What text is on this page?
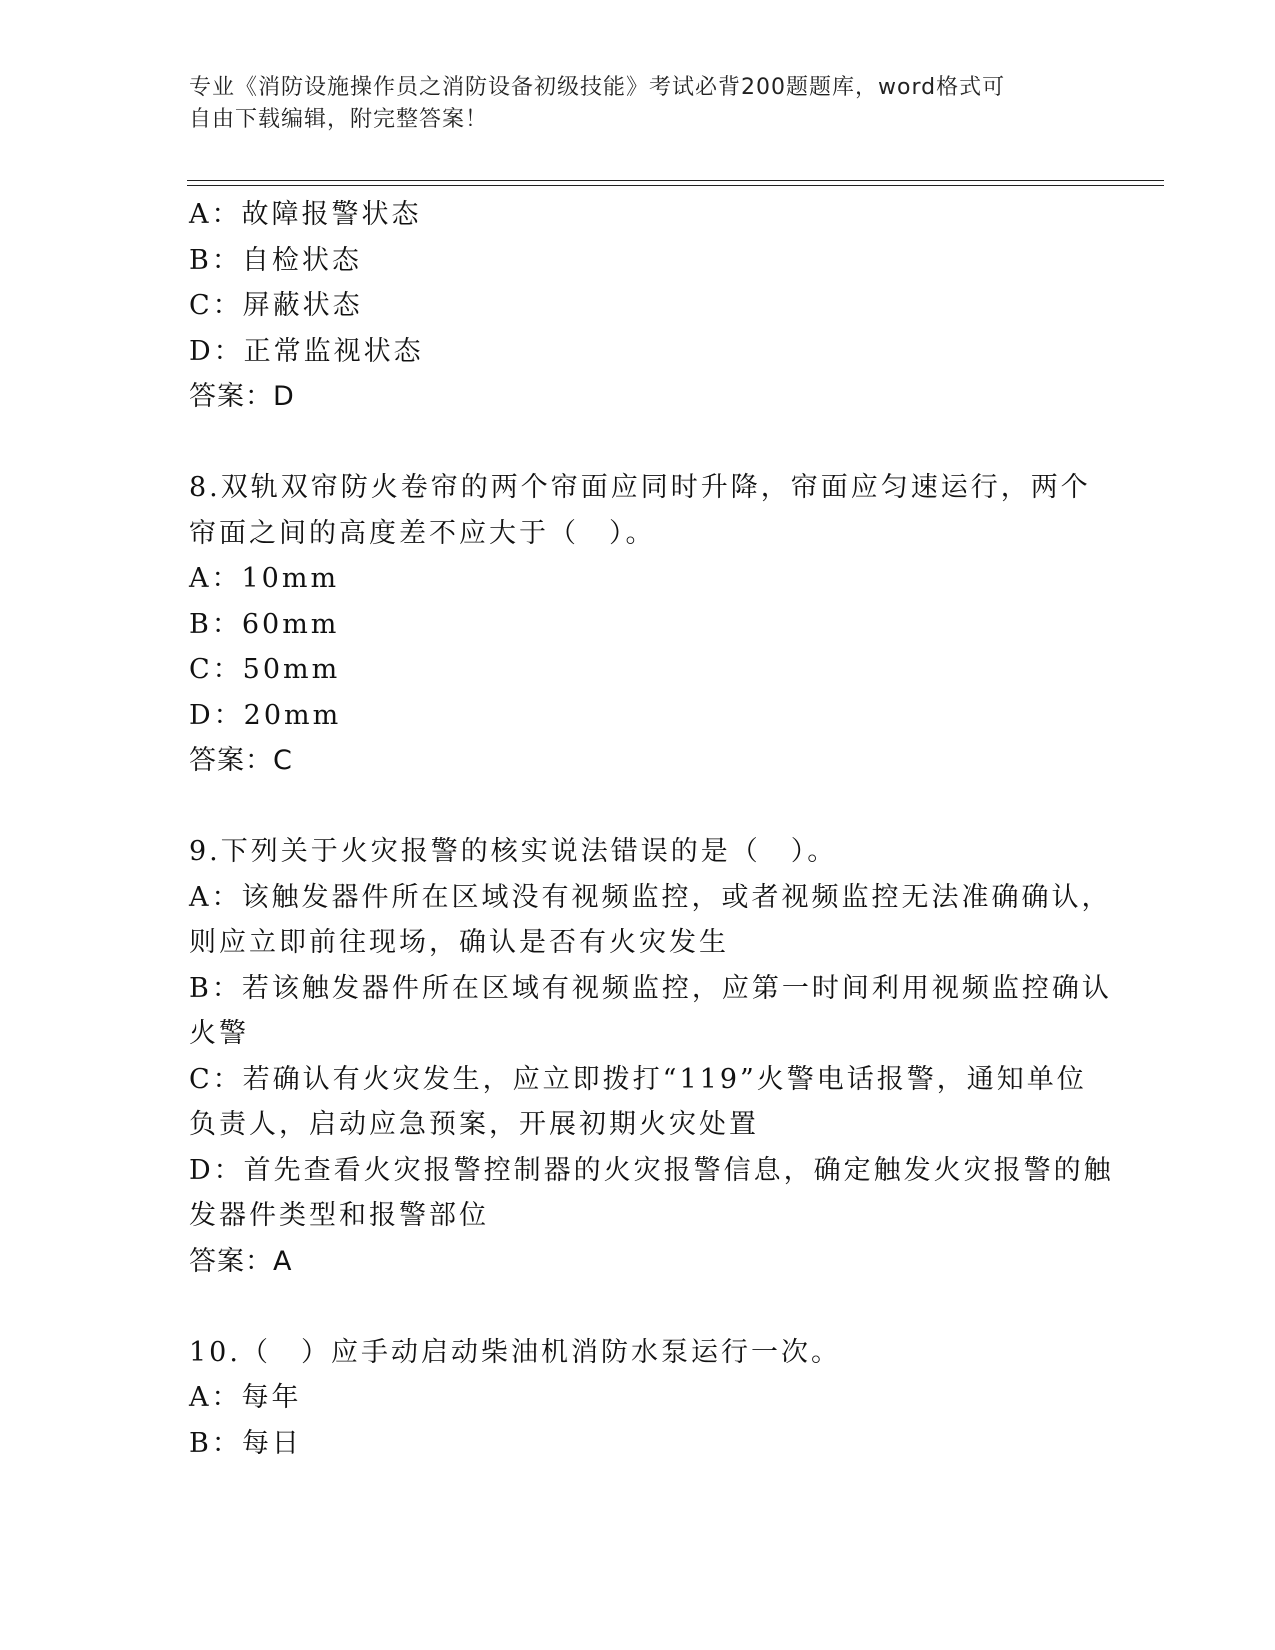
专业《消防设施操作员之消防设备初级技能》考试必背200题题库，word格式可
自由下载编辑，附完整答案！
A：故障报警状态
B：自检状态
C：屏蔽状态
D：正常监视状态
答案：D
8.双轨双帘防火卷帘的两个帘面应同时升降，帘面应匀速运行，两个
帘面之间的高度差不应大于（　）。
A：10mm
B：60mm
C：50mm
D：20mm
答案：C
9.下列关于火灾报警的核实说法错误的是（　）。
A：该触发器件所在区域没有视频监控，或者视频监控无法准确确认，
则应立即前往现场，确认是否有火灾发生
B：若该触发器件所在区域有视频监控，应第一时间利用视频监控确认
火警
C：若确认有火灾发生，应立即拨打“119”火警电话报警，通知单位
负责人，启动应急预案，开展初期火灾处置
D：首先查看火灾报警控制器的火灾报警信息，确定触发火灾报警的触
发器件类型和报警部位
答案：A
10.（　）应手动启动柴油机消防水泵运行一次。
A：每年
B：每日
